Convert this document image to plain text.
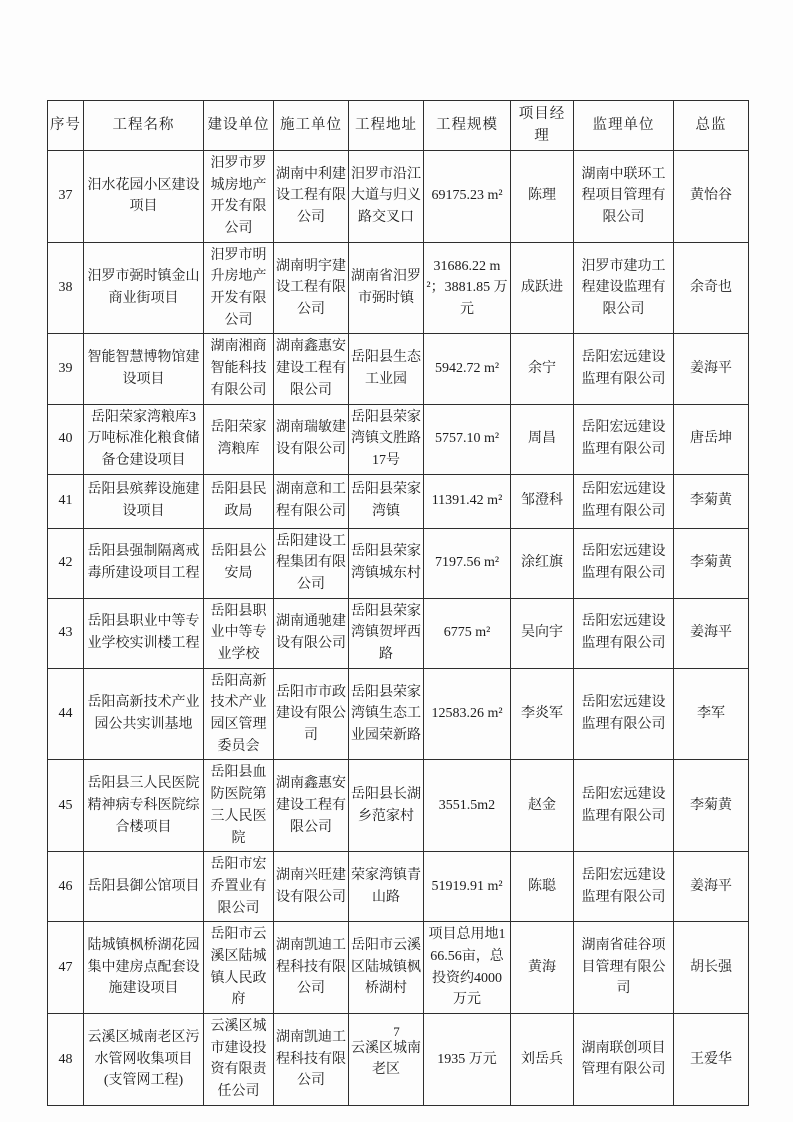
序号	工程名称	建设单位	施工单位	工程地址	工程规模	项目经理	监理单位	总监
37	汨水花园小区建设项目	汨罗市罗城房地产开发有限公司	湖南中利建设工程有限公司	汨罗市沿江大道与归义路交叉口	69175.23 m²	陈理	湖南中联环工程项目管理有限公司	黄怡谷
38	汨罗市弼时镇金山商业街项目	汨罗市明升房地产开发有限公司	湖南明宇建设工程有限公司	湖南省汨罗市弼时镇	31686.22 m²；3881.85 万元	成跃进	汨罗市建功工程建设监理有限公司	余奇也
39	智能智慧博物馆建设项目	湖南湘商智能科技有限公司	湖南鑫惠安建设工程有限公司	岳阳县生态工业园	5942.72 m²	余宁	岳阳宏远建设监理有限公司	姜海平
40	岳阳荣家湾粮库3万吨标准化粮食储备仓建设项目	岳阳荣家湾粮库	湖南瑞敏建设有限公司	岳阳县荣家湾镇文胜路17号	5757.10 m²	周昌	岳阳宏远建设监理有限公司	唐岳坤
41	岳阳县殡葬设施建设项目	岳阳县民政局	湖南意和工程有限公司	岳阳县荣家湾镇	11391.42 m²	邹澄科	岳阳宏远建设监理有限公司	李菊黄
42	岳阳县强制隔离戒毒所建设项目工程	岳阳县公安局	岳阳建设工程集团有限公司	岳阳县荣家湾镇城东村	7197.56 m²	涂红旗	岳阳宏远建设监理有限公司	李菊黄
43	岳阳县职业中等专业学校实训楼工程	岳阳县职业中等专业学校	湖南通驰建设有限公司	岳阳县荣家湾镇贺坪西路	6775 m²	吴向宇	岳阳宏远建设监理有限公司	姜海平
44	岳阳高新技术产业园公共实训基地	岳阳高新技术产业园区管理委员会	岳阳市市政建设有限公司	岳阳县荣家湾镇生态工业园荣新路	12583.26 m²	李炎军	岳阳宏远建设监理有限公司	李军
45	岳阳县三人民医院精神病专科医院综合楼项目	岳阳县血防医院第三人民医院	湖南鑫惠安建设工程有限公司	岳阳县长湖乡范家村	3551.5m2	赵金	岳阳宏远建设监理有限公司	李菊黄
46	岳阳县御公馆项目	岳阳市宏乔置业有限公司	湖南兴旺建设有限公司	荣家湾镇青山路	51919.91 m²	陈聪	岳阳宏远建设监理有限公司	姜海平
47	陆城镇枫桥湖花园集中建房点配套设施建设项目	岳阳市云溪区陆城镇人民政府	湖南凯迪工程科技有限公司	岳阳市云溪区陆城镇枫桥湖村	项目总用地166.56亩，总投资约4000万元	黄海	湖南省硅谷项目管理有限公司	胡长强
48	云溪区城南老区污水管网收集项目(支管网工程)	云溪区城市建设投资有限责任公司	湖南凯迪工程科技有限公司	云溪区城南老区	1935 万元	刘岳兵	湖南联创项目管理有限公司	王爱华
7
